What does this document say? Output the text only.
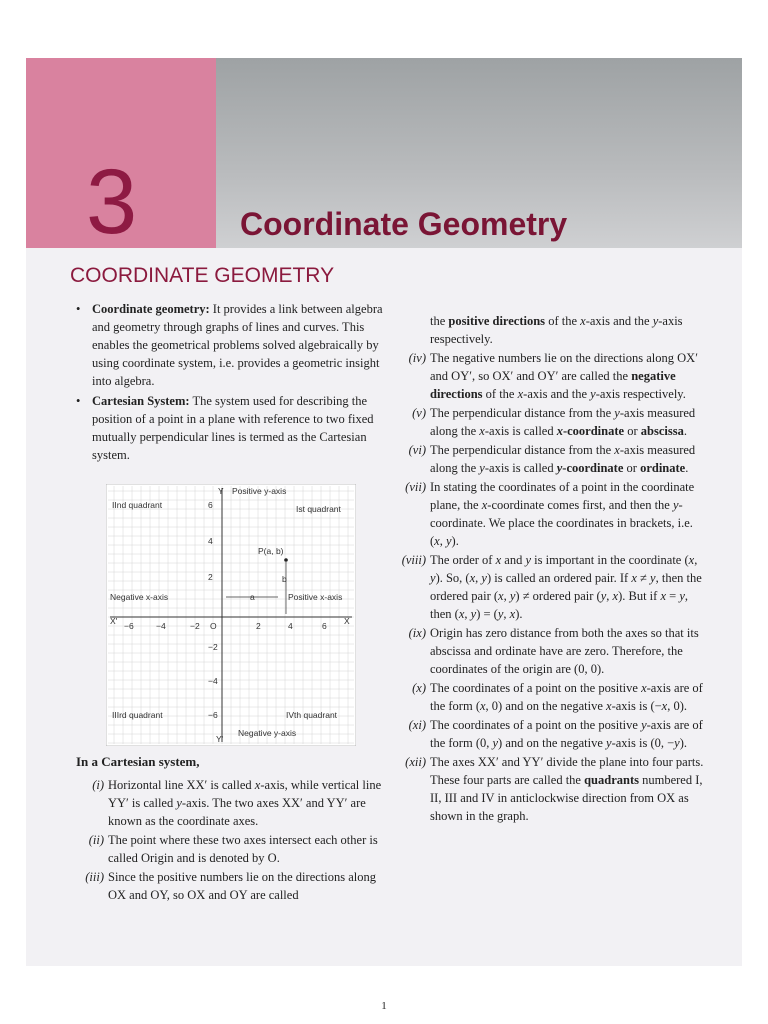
3	Coordinate Geometry
COORDINATE GEOMETRY
• Coordinate geometry: It provides a link between algebra and geometry through graphs of lines and curves. This enables the geometrical problems solved algebraically by using coordinate system, i.e. provides a geometric insight into algebra.
• Cartesian System: The system used for describing the position of a point in a plane with reference to two fixed mutually perpendicular lines is termed as the Cartesian system.
Y Positive y-axis
Y'
X'	X
O
IInd quadrant	Ist quadrant
IIIrd quadrant	IVth quadrant
Negative x-axis	Positive x-axis
Negative y-axis
P(a, b)
a
b
−6	−4	−2	2	4	6
6
4
2
−2
−4
−6
In a Cartesian system,
(i) Horizontal line XX′ is called x-axis, while vertical line YY′ is called y-axis. The two axes XX′ and YY′ are known as the coordinate axes.
(ii) The point where these two axes intersect each other is called Origin and is denoted by O.
(iii) Since the positive numbers lie on the directions along OX and OY, so OX and OY are called
the positive directions of the x-axis and the y-axis respectively.
(iv) The negative numbers lie on the directions along OX′ and OY′, so OX′ and OY′ are called the negative directions of the x-axis and the y-axis respectively.
(v) The perpendicular distance from the y-axis measured along the x-axis is called x-coordinate or abscissa.
(vi) The perpendicular distance from the x-axis measured along the y-axis is called y-coordinate or ordinate.
(vii) In stating the coordinates of a point in the coordinate plane, the x-coordinate comes first, and then the y-coordinate. We place the coordinates in brackets, i.e. (x, y).
(viii) The order of x and y is important in the coordinate (x, y). So, (x, y) is called an ordered pair. If x ≠ y, then the ordered pair (x, y) ≠ ordered pair (y, x). But if x = y, then (x, y) = (y, x).
(ix) Origin has zero distance from both the axes so that its abscissa and ordinate have are zero. Therefore, the coordinates of the origin are (0, 0).
(x) The coordinates of a point on the positive x-axis are of the form (x, 0) and on the negative x-axis is (−x, 0).
(xi) The coordinates of a point on the positive y-axis are of the form (0, y) and on the negative y-axis is (0, −y).
(xii) The axes XX′ and YY′ divide the plane into four parts. These four parts are called the quadrants numbered I, II, III and IV in anticlockwise direction from OX as shown in the graph.
1
